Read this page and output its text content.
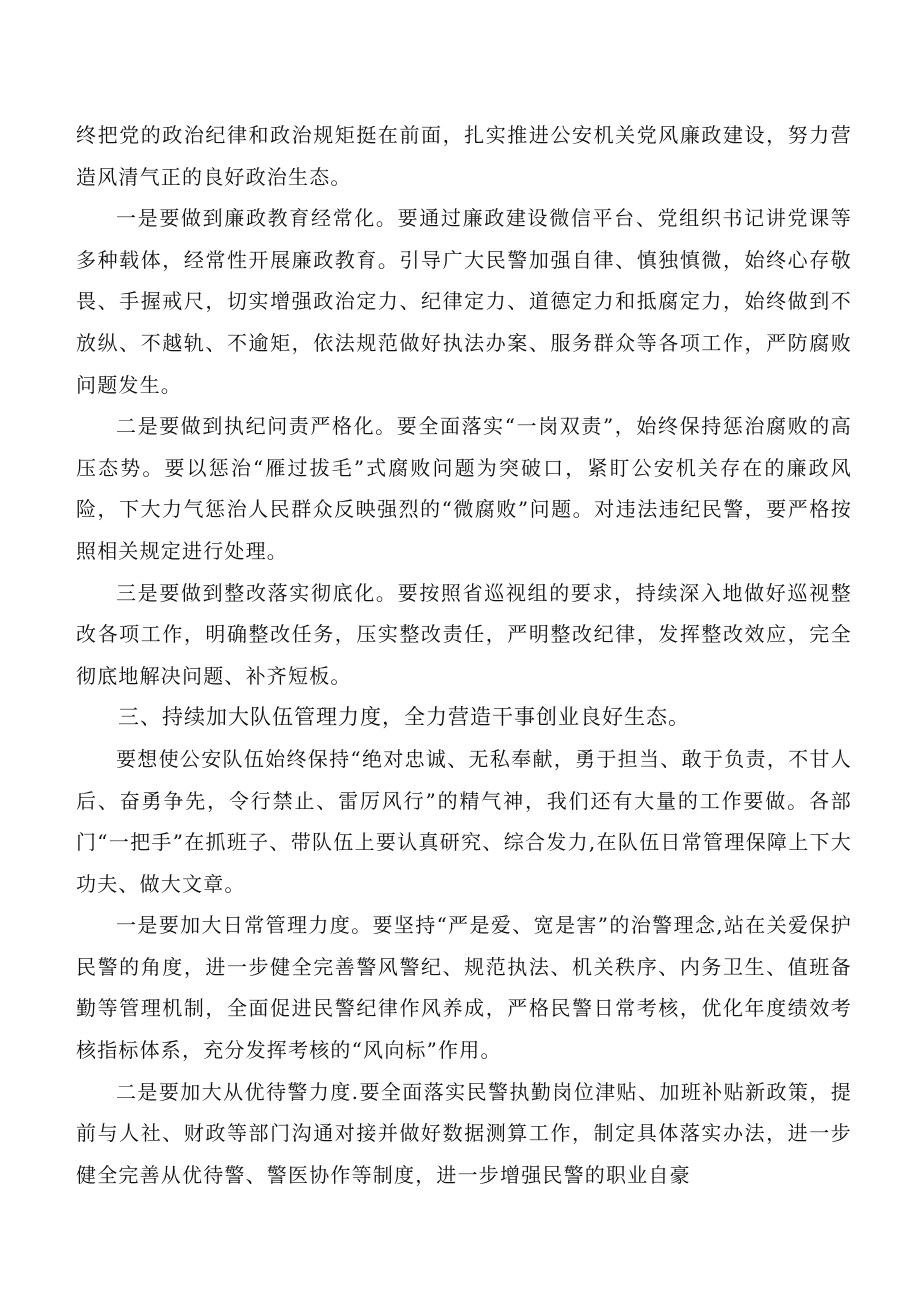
终把党的政治纪律和政治规矩挺在前面，扎实推进公安机关党风廉政建设，努力营造风清气正的良好政治生态。

一是要做到廉政教育经常化。要通过廉政建设微信平台、党组织书记讲党课等多种载体，经常性开展廉政教育。引导广大民警加强自律、慎独慎微，始终心存敬畏、手握戒尺，切实增强政治定力、纪律定力、道德定力和抵腐定力，始终做到不放纵、不越轨、不逾矩，依法规范做好执法办案、服务群众等各项工作，严防腐败问题发生。

二是要做到执纪问责严格化。要全面落实“一岗双责”，始终保持惩治腐败的高压态势。要以惩治“雁过拔毛”式腐败问题为突破口，紧盯公安机关存在的廉政风险，下大力气惩治人民群众反映强烈的“微腐败”问题。对违法违纪民警，要严格按照相关规定进行处理。

三是要做到整改落实彻底化。要按照省巡视组的要求，持续深入地做好巡视整改各项工作，明确整改任务，压实整改责任，严明整改纪律，发挥整改效应，完全彻底地解决问题、补齐短板。

三、持续加大队伍管理力度，全力营造干事创业良好生态。

要想使公安队伍始终保持“绝对忠诚、无私奉献，勇于担当、敢于负责，不甘人后、奋勇争先，令行禁止、雷厉风行”的精气神，我们还有大量的工作要做。各部门“一把手”在抓班子、带队伍上要认真研究、综合发力,在队伍日常管理保障上下大功夫、做大文章。

一是要加大日常管理力度。要坚持“严是爱、宽是害”的治警理念,站在关爱保护民警的角度，进一步健全完善警风警纪、规范执法、机关秩序、内务卫生、值班备勤等管理机制，全面促进民警纪律作风养成，严格民警日常考核，优化年度绩效考核指标体系，充分发挥考核的“风向标”作用。

二是要加大从优待警力度.要全面落实民警执勤岗位津贴、加班补贴新政策，提前与人社、财政等部门沟通对接并做好数据测算工作，制定具体落实办法，进一步健全完善从优待警、警医协作等制度，进一步增强民警的职业自豪
